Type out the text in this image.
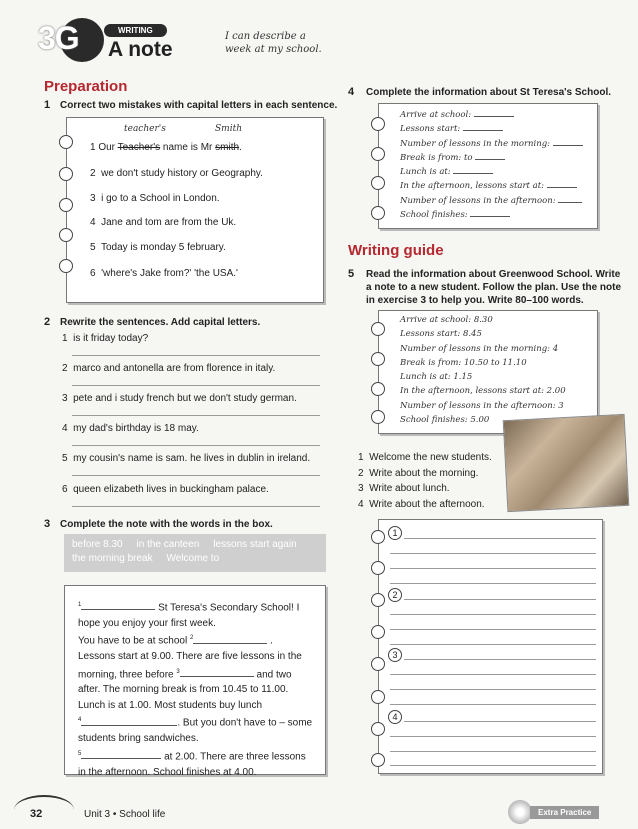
3G	WRITING
A note
I can describe a week at my school.
Preparation
1 Correct two mistakes with capital letters in each sentence.
teacher's	Smith
1 Our Teacher's name is Mr smith.
2 we don't study history or Geography.
3 i go to a School in London.
4 Jane and tom are from the Uk.
5 Today is monday 5 february.
6 'where's Jake from?' 'the USA.'
2 Rewrite the sentences. Add capital letters.
1 is it friday today?
2 marco and antonella are from florence in italy.
3 pete and i study french but we don't study german.
4 my dad's birthday is 18 may.
5 my cousin's name is sam. he lives in dublin in ireland.
6 queen elizabeth lives in buckingham palace.
3 Complete the note with the words in the box.
before 8.30 in the canteen lessons start again
the morning break Welcome to
$^1$	St Teresa's Secondary School! I
hope you enjoy your first week.
You have to be at school $^2$	.
Lessons start at 9.00. There are five lessons in the
morning, three before $^3$	and two
after. The morning break is from 10.45 to 11.00.
Lunch is at 1.00. Most students buy lunch
$^4$	. But you don't have to – some
students bring sandwiches.
$^5$	at 2.00. There are three lessons
in the afternoon. School finishes at 4.00.
4 Complete the information about St Teresa's School.
Arrive at school:
Lessons start:
Number of lessons in the morning:
Break is from: to
Lunch is at:
In the afternoon, lessons start at:
Number of lessons in the afternoon:
School finishes:
Writing guide
5 Read the information about Greenwood School. Write a note to a new student. Follow the plan. Use the note in exercise 3 to help you. Write 80–100 words.
Arrive at school: 8.30
Lessons start: 8.45
Number of lessons in the morning: 4
Break is from: 10.50 to 11.10
Lunch is at: 1.15
In the afternoon, lessons start at: 2.00
Number of lessons in the afternoon: 3
School finishes: 5.00
1 Welcome the new students.
2 Write about the morning.
3 Write about lunch.
4 Write about the afternoon.
1
2
3
4
32	Unit 3 • School life	Extra Practice
